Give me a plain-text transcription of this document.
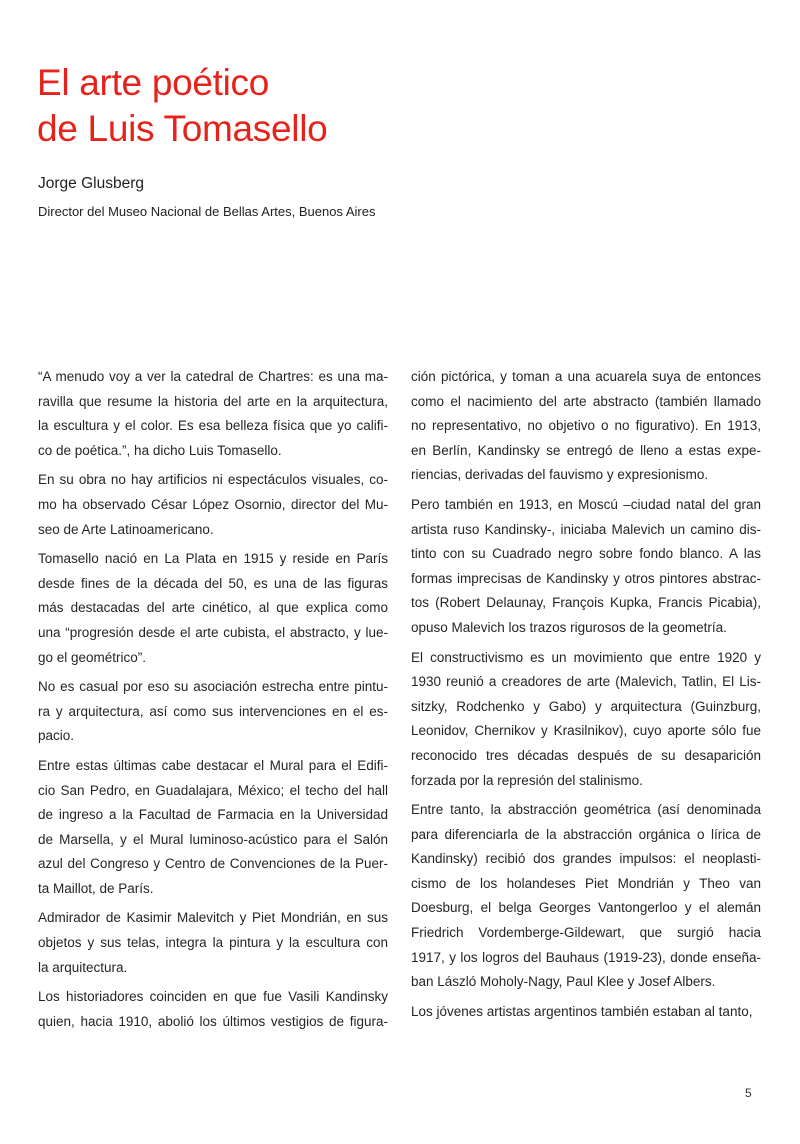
El arte poético
de Luis Tomasello
Jorge Glusberg
Director del Museo Nacional de Bellas Artes, Buenos Aires

“A menudo voy a ver la catedral de Chartres: es una ma-
ravilla que resume la historia del arte en la arquitectura,
la escultura y el color. Es esa belleza física que yo califi-
co de poética.”, ha dicho Luis Tomasello.

En su obra no hay artificios ni espectáculos visuales, co-
mo ha observado César López Osornio, director del Mu-
seo de Arte Latinoamericano.

Tomasello nació en La Plata en 1915 y reside en París
desde fines de la década del 50, es una de las figuras
más destacadas del arte cinético, al que explica como
una “progresión desde el arte cubista, el abstracto, y lue-
go el geométrico”.

No es casual por eso su asociación estrecha entre pintu-
ra y arquitectura, así como sus intervenciones en el es-
pacio.

Entre estas últimas cabe destacar el Mural para el Edifi-
cio San Pedro, en Guadalajara, México; el techo del hall
de ingreso a la Facultad de Farmacia en la Universidad
de Marsella, y el Mural luminoso-acústico para el Salón
azul del Congreso y Centro de Convenciones de la Puer-
ta Maillot, de París.

Admirador de Kasimir Malevitch y Piet Mondrián, en sus
objetos y sus telas, integra la pintura y la escultura con
la arquitectura.

Los historiadores coinciden en que fue Vasili Kandinsky
quien, hacia 1910, abolió los últimos vestigios de figura-

ción pictórica, y toman a una acuarela suya de entonces
como el nacimiento del arte abstracto (también llamado
no representativo, no objetivo o no figurativo). En 1913,
en Berlín, Kandinsky se entregó de lleno a estas expe-
riencias, derivadas del fauvismo y expresionismo.

Pero también en 1913, en Moscú –ciudad natal del gran
artista ruso Kandinsky-, iniciaba Malevich un camino dis-
tinto con su Cuadrado negro sobre fondo blanco. A las
formas imprecisas de Kandinsky y otros pintores abstrac-
tos (Robert Delaunay, François Kupka, Francis Picabia),
opuso Malevich los trazos rigurosos de la geometría.

El constructivismo es un movimiento que entre 1920 y
1930 reunió a creadores de arte (Malevich, Tatlin, El Lis-
sitzky, Rodchenko y Gabo) y arquitectura (Guinzburg,
Leonidov, Chernikov y Krasilnikov), cuyo aporte sólo fue
reconocido tres décadas después de su desaparición
forzada por la represión del stalinismo.

Entre tanto, la abstracción geométrica (así denominada
para diferenciarla de la abstracción orgánica o lírica de
Kandinsky) recibió dos grandes impulsos: el neoplasti-
cismo de los holandeses Piet Mondrián y Theo van
Doesburg, el belga Georges Vantongerloo y el alemán
Friedrich Vordemberge-Gildewart, que surgió hacia
1917, y los logros del Bauhaus (1919-23), donde enseña-
ban László Moholy-Nagy, Paul Klee y Josef Albers.

Los jóvenes artistas argentinos también estaban al tanto,

5
